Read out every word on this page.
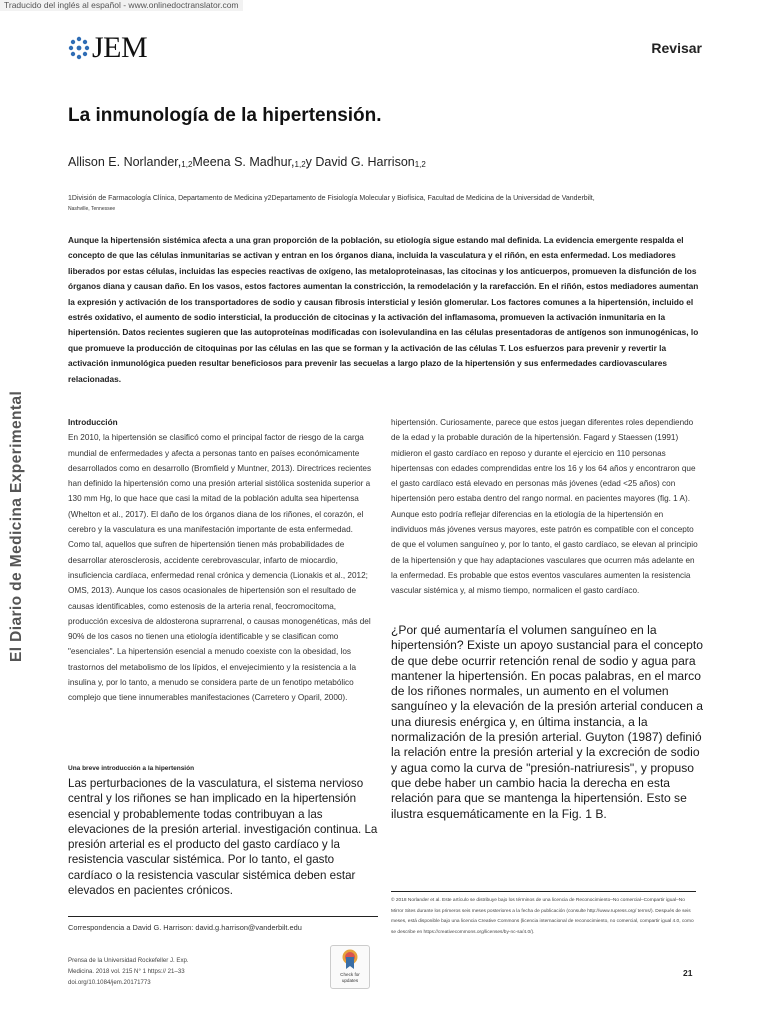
Traducido del inglés al español - www.onlinedoctranslator.com
JEM	Revisar
La inmunología de la hipertensión.
Allison E. $Norlander,_{1,2}Meena$ S. $Madhur,_{1,2}y$ David G. Harrison$_{1,2}$
1División de Farmacología Clínica, Departamento de Medicina y2Departamento de Fisiología Molecular y Biofísica, Facultad de Medicina de la Universidad de Vanderbilt,
Nashville, Tennessee
Aunque la hipertensión sistémica afecta a una gran proporción de la población, su etiología sigue estando mal definida. La evidencia emergente respalda el concepto de que las células inmunitarias se activan y entran en los órganos diana, incluida la vasculatura y el riñón, en esta enfermedad. Los mediadores liberados por estas células, incluidas las especies reactivas de oxígeno, las metaloproteinasas, las citocinas y los anticuerpos, promueven la disfunción de los órganos diana y causan daño. En los vasos, estos factores aumentan la constricción, la remodelación y la rarefacción. En el riñón, estos mediadores aumentan la expresión y activación de los transportadores de sodio y causan fibrosis intersticial y lesión glomerular. Los factores comunes a la hipertensión, incluido el estrés oxidativo, el aumento de sodio intersticial, la producción de citocinas y la activación del inflamasoma, promueven la activación inmunitaria en la hipertensión. Datos recientes sugieren que las autoproteínas modificadas con isolevulandina en las células presentadoras de antígenos son inmunogénicas, lo que promueve la producción de citoquinas por las células en las que se forman y la activación de las células T. Los esfuerzos para prevenir y revertir la activación inmunológica pueden resultar beneficiosos para prevenir las secuelas a largo plazo de la hipertensión y sus enfermedades cardiovasculares relacionadas.
El Diario de Medicina Experimental	Introducción
En 2010, la hipertensión se clasificó como el principal factor de riesgo de la carga mundial de enfermedades y afecta a personas tanto en países económicamente desarrollados como en desarrollo (Bromfield y Muntner, 2013). Directrices recientes han definido la hipertensión como una presión arterial sistólica sostenida superior a 130 mm Hg, lo que hace que casi la mitad de la población adulta sea hipertensa (Whelton et al., 2017). El daño de los órganos diana de los riñones, el corazón, el cerebro y la vasculatura es una manifestación importante de esta enfermedad. Como tal, aquellos que sufren de hipertensión tienen más probabilidades de desarrollar aterosclerosis, accidente cerebrovascular, infarto de miocardio, insuficiencia cardíaca, enfermedad renal crónica y demencia (Lionakis et al., 2012; OMS, 2013). Aunque los casos ocasionales de hipertensión son el resultado de causas identificables, como estenosis de la arteria renal, feocromocitoma, producción excesiva de aldosterona suprarrenal, o causas monogenéticas, más del 90% de los casos no tienen una etiología identificable y se clasifican como "esenciales". La hipertensión esencial a menudo coexiste con la obesidad, los trastornos del metabolismo de los lípidos, el envejecimiento y la resistencia a la insulina y, por lo tanto, a menudo se considera parte de un fenotipo metabólico complejo que tiene innumerables manifestaciones (Carretero y Oparil, 2000).
Una breve introducción a la hipertensión
Las perturbaciones de la vasculatura, el sistema nervioso central y los riñones se han implicado en la hipertensión esencial y probablemente todas contribuyan a las elevaciones de la presión arterial. investigación continua. La presión arterial es el producto del gasto cardíaco y la resistencia vascular sistémica. Por lo tanto, el gasto cardíaco o la resistencia vascular sistémica deben estar elevados en pacientes crónicos.
hipertensión. Curiosamente, parece que estos juegan diferentes roles dependiendo de la edad y la probable duración de la hipertensión. Fagard y Staessen (1991) midieron el gasto cardíaco en reposo y durante el ejercicio en 110 personas hipertensas con edades comprendidas entre los 16 y los 64 años y encontraron que el gasto cardíaco está elevado en personas más jóvenes (edad <25 años) con hipertensión pero estaba dentro del rango normal. en pacientes mayores (fig. 1 A). Aunque esto podría reflejar diferencias en la etiología de la hipertensión en individuos más jóvenes versus mayores, este patrón es compatible con el concepto de que el volumen sanguíneo y, por lo tanto, el gasto cardíaco, se elevan al principio de la hipertensión y que hay adaptaciones vasculares que ocurren más adelante en la enfermedad. Es probable que estos eventos vasculares aumenten la resistencia vascular sistémica y, al mismo tiempo, normalicen el gasto cardíaco.
¿Por qué aumentaría el volumen sanguíneo en la hipertensión? Existe un apoyo sustancial para el concepto de que debe ocurrir retención renal de sodio y agua para mantener la hipertensión. En pocas palabras, en el marco de los riñones normales, un aumento en el volumen sanguíneo y la elevación de la presión arterial conducen a una diuresis enérgica y, en última instancia, a la normalización de la presión arterial. Guyton (1987) definió la relación entre la presión arterial y la excreción de sodio y agua como la curva de "presión-natriuresis", y propuso que debe haber un cambio hacia la derecha en esta relación para que se mantenga la hipertensión. Esto se ilustra esquemáticamente en la Fig. 1 B.
© 2018 Norlander et al. Este artículo se distribuye bajo los términos de una licencia de Reconocimiento–No comercial–Compartir igual–No Mirror Sites durante los primeros seis meses posteriores a la fecha de publicación (consulte http://www.rupress.org/ terms/). Después de seis meses, está disponible bajo una licencia Creative Commons (licencia internacional de reconocimiento, no comercial, compartir igual 4.0, como se describe en https://creativecommons.org/licenses/by-nc-sa/4.0/).
Correspondencia a David G. Harrison: david.g.harrison@vanderbilt.edu
Prensa de la Universidad Rockefeller J. Exp.
Medicina. 2018 vol. 215 N° 1 https:// 21–33
doi.org/10.1084/jem.20171773
Check for
updates
21
